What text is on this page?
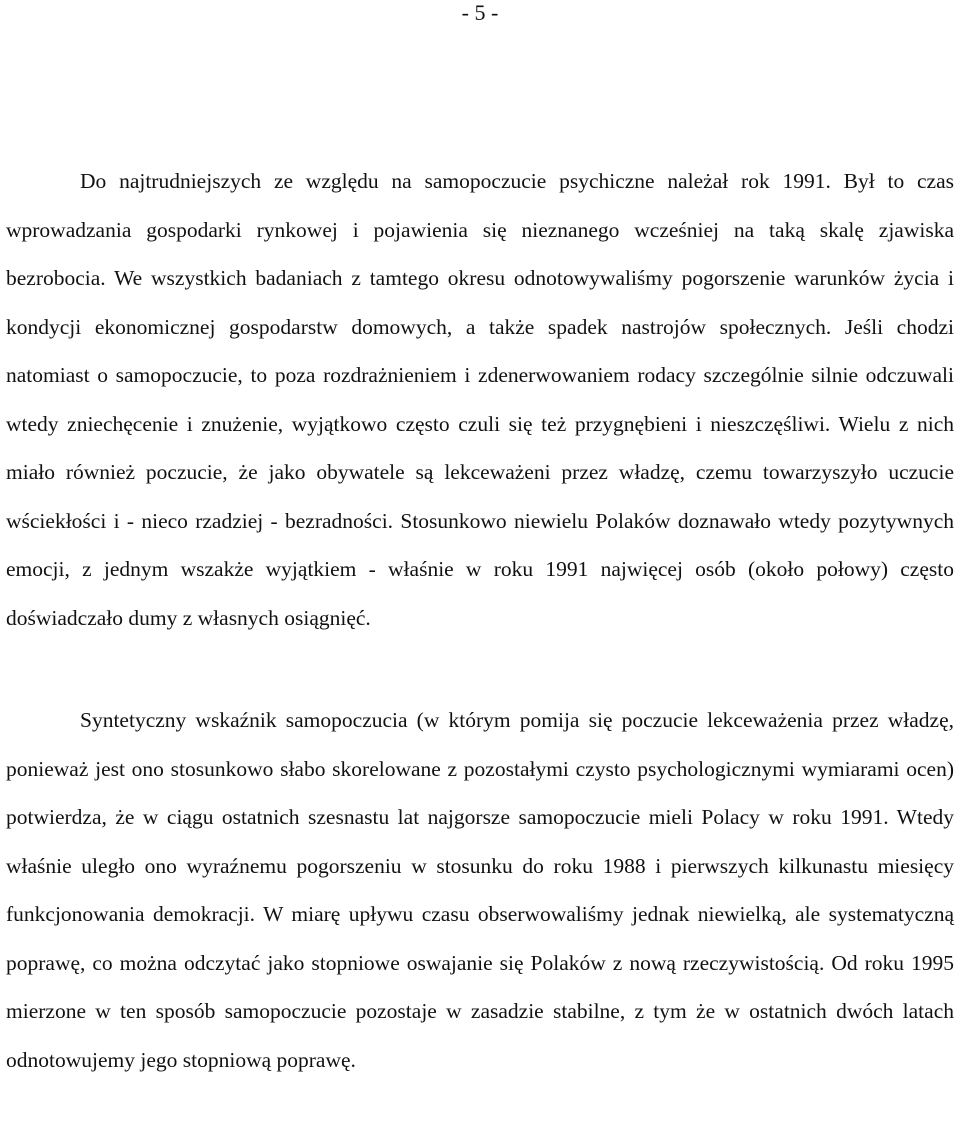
- 5 -

Do najtrudniejszych ze względu na samopoczucie psychiczne należał rok 1991. Był to czas wprowadzania gospodarki rynkowej i pojawienia się nieznanego wcześniej na taką skalę zjawiska bezrobocia. We wszystkich badaniach z tamtego okresu odnotowywaliśmy pogorszenie warunków życia i kondycji ekonomicznej gospodarstw domowych, a także spadek nastrojów społecznych. Jeśli chodzi natomiast o samopoczucie, to poza rozdrażnieniem i zdenerwowaniem rodacy szczególnie silnie odczuwali wtedy zniechęcenie i znużenie, wyjątkowo często czuli się też przygnębieni i nieszczęśliwi. Wielu z nich miało również poczucie, że jako obywatele są lekceważeni przez władzę, czemu towarzyszyło uczucie wściekłości i - nieco rzadziej - bezradności. Stosunkowo niewielu Polaków doznawało wtedy pozytywnych emocji, z jednym wszakże wyjątkiem - właśnie w roku 1991 najwięcej osób (około połowy) często doświadczało dumy z własnych osiągnięć.

Syntetyczny wskaźnik samopoczucia (w którym pomija się poczucie lekceważenia przez władzę, ponieważ jest ono stosunkowo słabo skorelowane z pozostałymi czysto psychologicznymi wymiarami ocen) potwierdza, że w ciągu ostatnich szesnastu lat najgorsze samopoczucie mieli Polacy w roku 1991. Wtedy właśnie uległo ono wyraźnemu pogorszeniu w stosunku do roku 1988 i pierwszych kilkunastu miesięcy funkcjonowania demokracji. W miarę upływu czasu obserwowaliśmy jednak niewielką, ale systematyczną poprawę, co można odczytać jako stopniowe oswajanie się Polaków z nową rzeczywistością. Od roku 1995 mierzone w ten sposób samopoczucie pozostaje w zasadzie stabilne, z tym że w ostatnich dwóch latach odnotowujemy jego stopniową poprawę.
